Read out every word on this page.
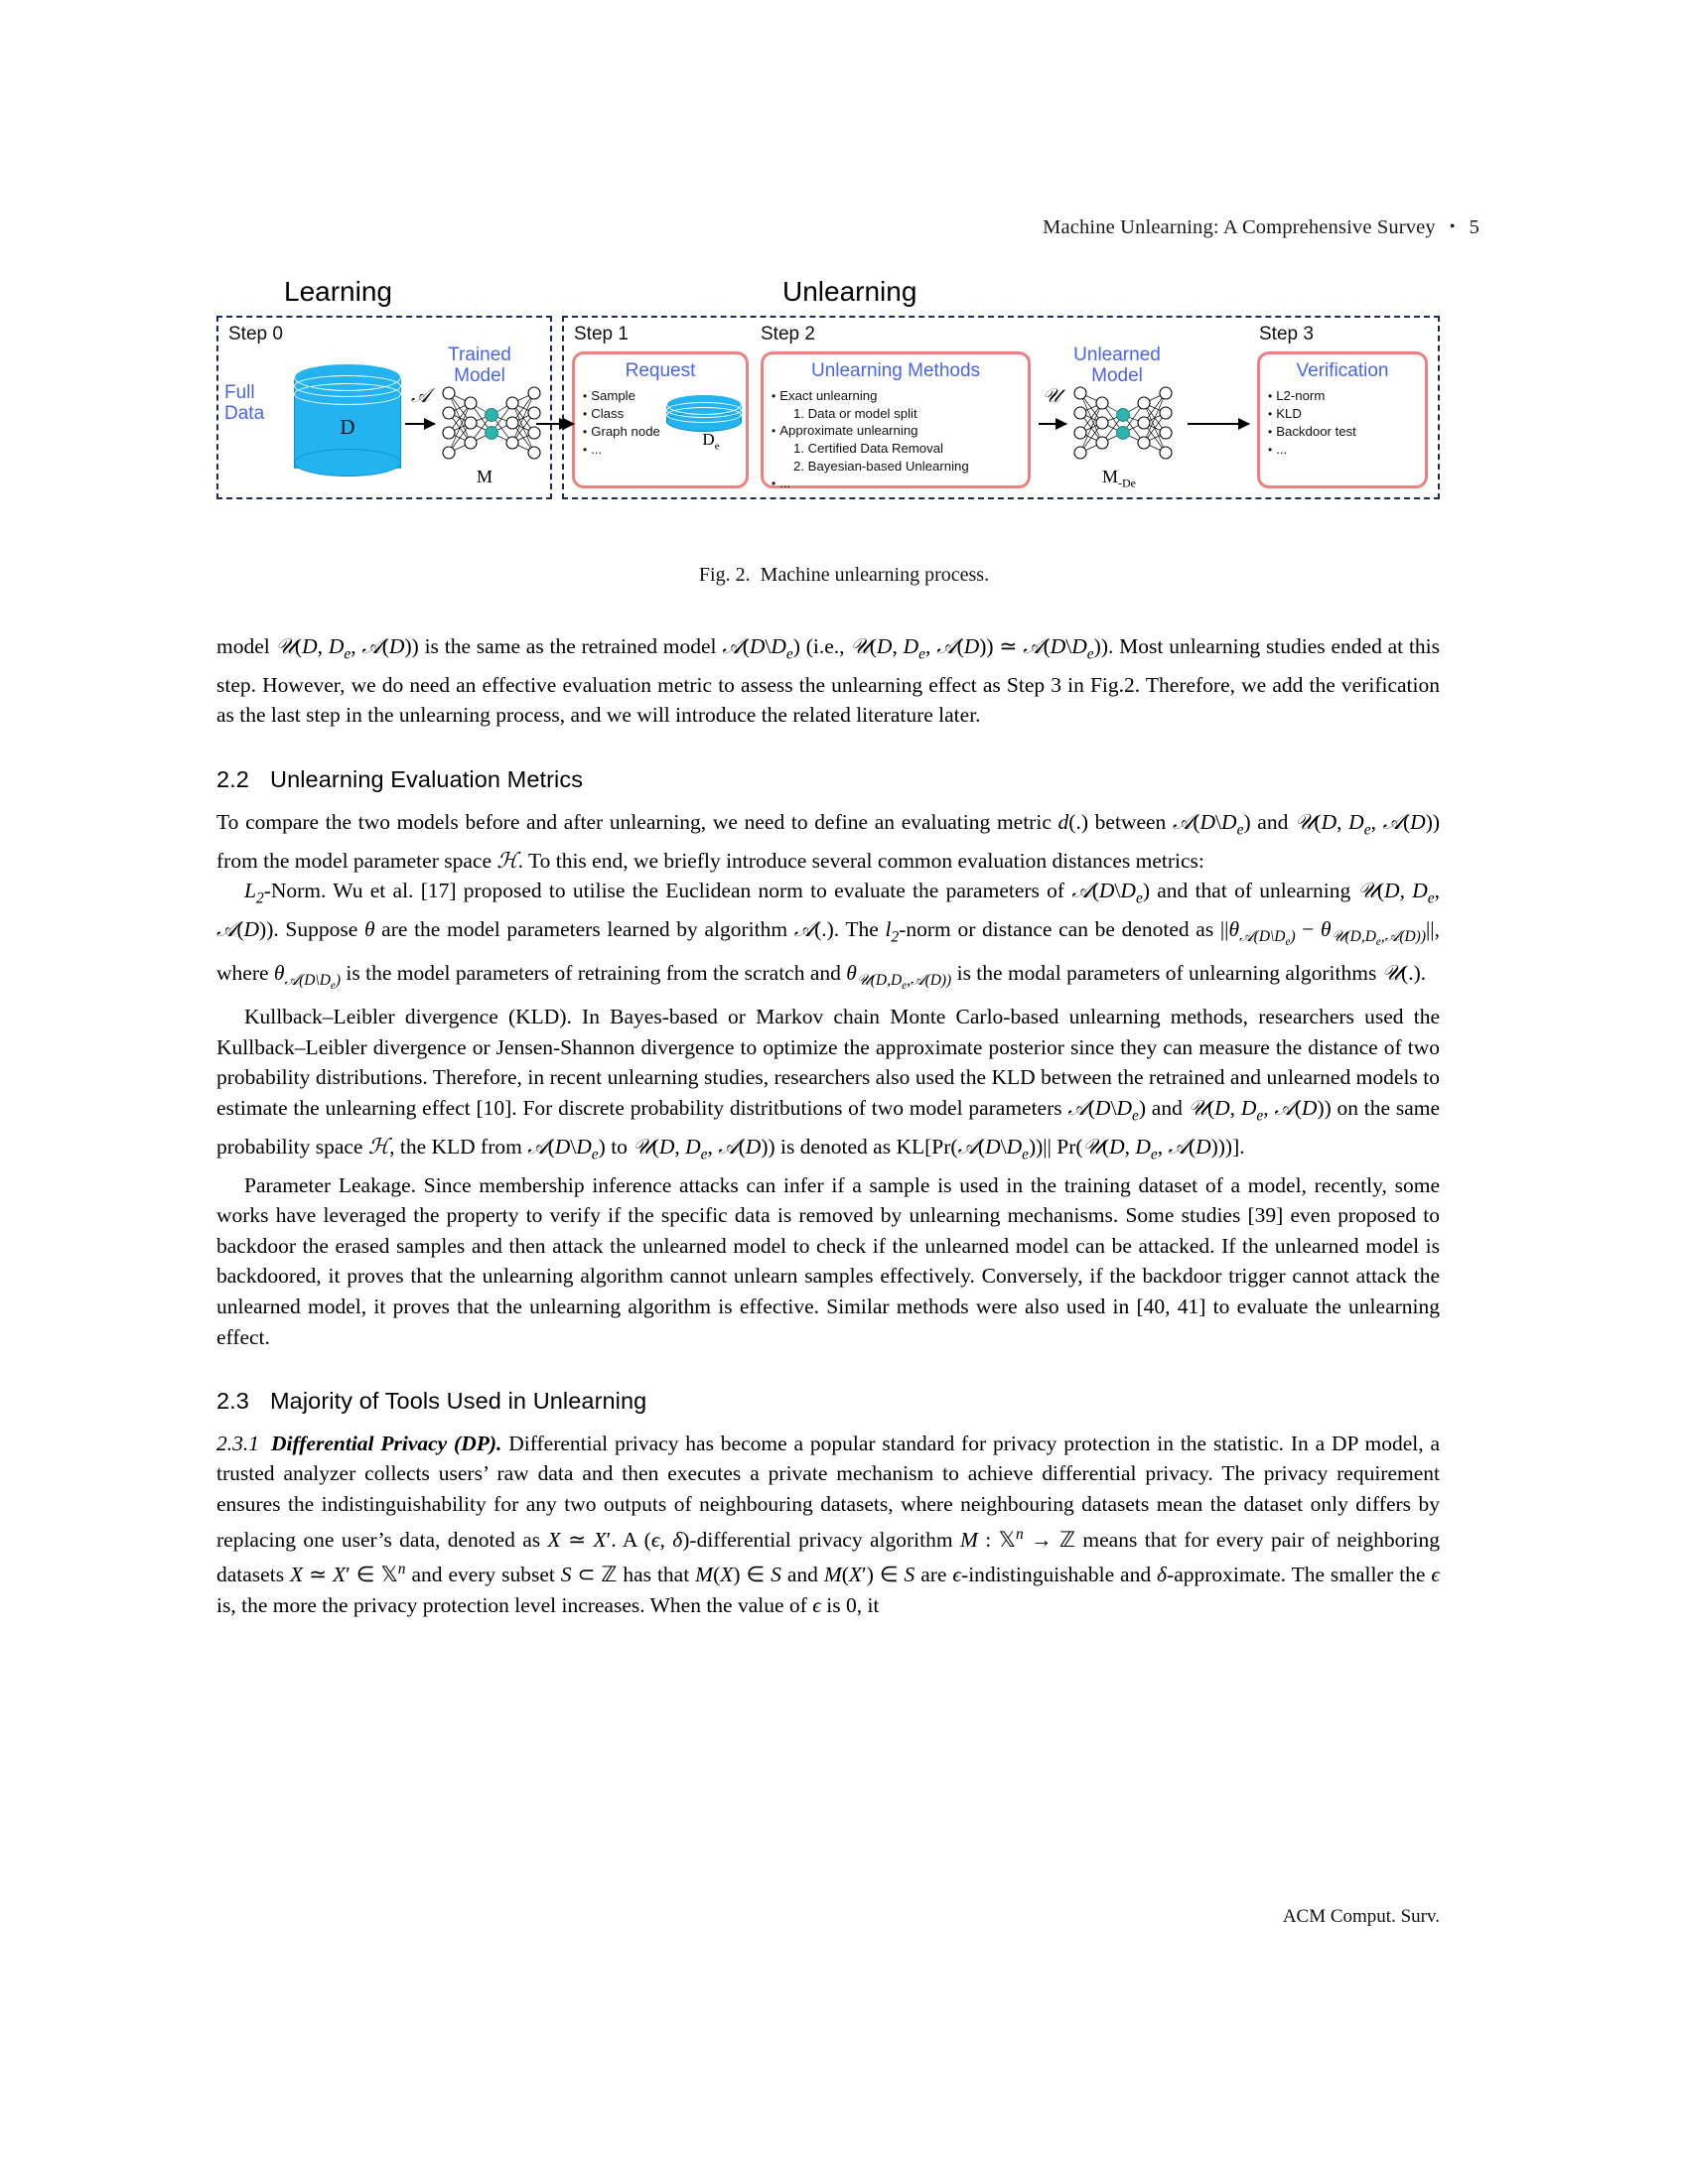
Machine Unlearning: A Comprehensive Survey • 5
Learning	Unlearning
Step 0	Step 1	Step 2	Step 3
Full
Data
D
𝒜
Trained
Model
M
Request
• Sample
• Class
• Graph node
• ...
$D_e$
Unlearning Methods
• Exact unlearning
1. Data or model split
• Approximate unlearning
1. Certified Data Removal
2. Bayesian-based Unlearning
• ...
𝒰
Unlearned
Model
$M_{-De}$
Verification
• L2-norm
• KLD
• Backdoor test
• ...
Fig. 2. Machine unlearning process.

model 𝒰(D, $D_e$, 𝒜(D)) is the same as the retrained model $𝒜(D\backslash D_e)$ (i.e., 𝒰(D, $D_e$, 𝒜(D)) ≃ $𝒜(D\backslash D_e)$). Most unlearning studies ended at this step. However, we do need an effective evaluation metric to assess the unlearning effect as Step 3 in Fig.2. Therefore, we add the verification as the last step in the unlearning process, and we will introduce the related literature later.

2.2 Unlearning Evaluation Metrics

To compare the two models before and after unlearning, we need to define an evaluating metric d(.) between $𝒜(D\backslash D_e)$ and 𝒰(D, $D_e$, 𝒜(D)) from the model parameter space ℋ. To this end, we briefly introduce several common evaluation distances metrics:

$L_2$-Norm. Wu et al. [17] proposed to utilise the Euclidean norm to evaluate the parameters of $𝒜(D\backslash D_e)$ and that of unlearning 𝒰(D, $D_e$, 𝒜(D)). Suppose θ are the model parameters learned by algorithm 𝒜(.). The $l_2$-norm or distance can be denoted as $||\theta_{𝒜(D\backslash D_e)} - \theta_{𝒰(D,D_e,𝒜(D))}||$, where $\theta_{𝒜(D\backslash D_e)}$ is the model parameters of retraining from the scratch and $\theta_{𝒰(D,D_e,𝒜(D))}$ is the modal parameters of unlearning algorithms 𝒰(.).

Kullback–Leibler divergence (KLD). In Bayes-based or Markov chain Monte Carlo-based unlearning methods, researchers used the Kullback–Leibler divergence or Jensen-Shannon divergence to optimize the approximate posterior since they can measure the distance of two probability distributions. Therefore, in recent unlearning studies, researchers also used the KLD between the retrained and unlearned models to estimate the unlearning effect [10]. For discrete probability distritbutions of two model parameters $𝒜(D\backslash D_e)$ and 𝒰(D, $D_e$, 𝒜(D)) on the same probability space ℋ, the KLD from $𝒜(D\backslash D_e)$ to 𝒰(D, $D_e$, 𝒜(D)) is denoted as $KL[Pr(𝒜(D\backslash D_e))||$ Pr(𝒰(D, $D_e$, 𝒜(D)))].

Parameter Leakage. Since membership inference attacks can infer if a sample is used in the training dataset of a model, recently, some works have leveraged the property to verify if the specific data is removed by unlearning mechanisms. Some studies [39] even proposed to backdoor the erased samples and then attack the unlearned model to check if the unlearned model can be attacked. If the unlearned model is backdoored, it proves that the unlearning algorithm cannot unlearn samples effectively. Conversely, if the backdoor trigger cannot attack the unlearned model, it proves that the unlearning algorithm is effective. Similar methods were also used in [40, 41] to evaluate the unlearning effect.

2.3 Majority of Tools Used in Unlearning

2.3.1 Differential Privacy (DP). Differential privacy has become a popular standard for privacy protection in the statistic. In a DP model, a trusted analyzer collects users’ raw data and then executes a private mechanism to achieve differential privacy. The privacy requirement ensures the indistinguishability for any two outputs of neighbouring datasets, where neighbouring datasets mean the dataset only differs by replacing one user’s data, denoted as X ≃ X′. A (ϵ, δ)-differential privacy algorithm M : 𝕏$^n$ → ℤ means that for every pair of neighboring datasets X ≃ X′ ∈ 𝕏$^n$ and every subset S ⊂ ℤ has that M(X) ∈ S and M(X′) ∈ S are ϵ-indistinguishable and δ-approximate. The smaller the ϵ is, the more the privacy protection level increases. When the value of ϵ is 0, it

ACM Comput. Surv.
